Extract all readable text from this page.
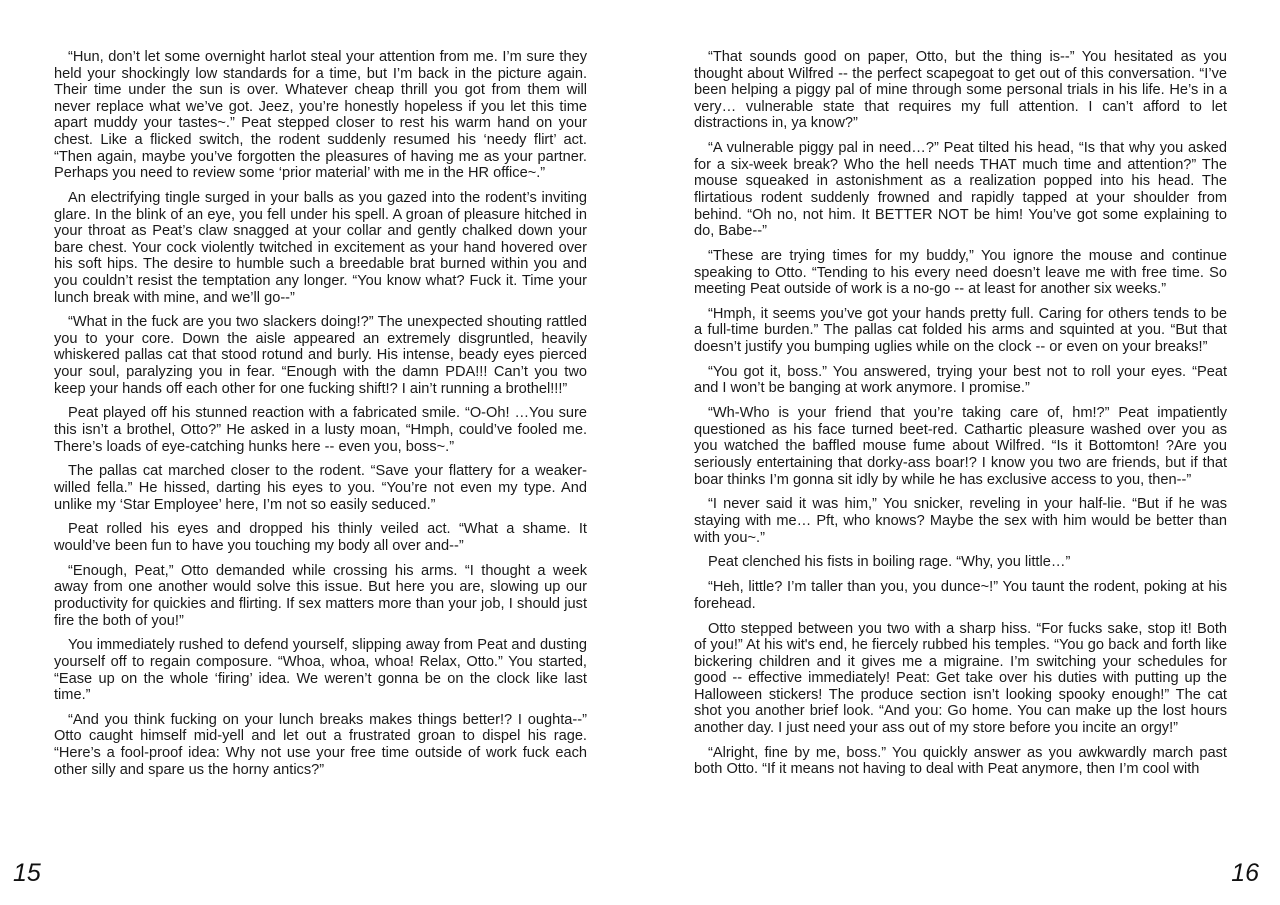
“Hun, don’t let some overnight harlot steal your attention from me. I’m sure they held your shockingly low standards for a time, but I’m back in the picture again. Their time under the sun is over. Whatever cheap thrill you got from them will never replace what we’ve got. Jeez, you’re honestly hopeless if you let this time apart muddy your tastes~.” Peat stepped closer to rest his warm hand on your chest. Like a flicked switch, the rodent suddenly resumed his ‘needy flirt’ act. “Then again, maybe you’ve forgotten the pleasures of having me as your partner. Perhaps you need to review some ‘prior material’ with me in the HR office~.”

An electrifying tingle surged in your balls as you gazed into the rodent’s inviting glare. In the blink of an eye, you fell under his spell. A groan of pleasure hitched in your throat as Peat’s claw snagged at your collar and gently chalked down your bare chest. Your cock violently twitched in excitement as your hand hovered over his soft hips. The desire to humble such a breedable brat burned within you and you couldn’t resist the temptation any longer. “You know what? Fuck it. Time your lunch break with mine, and we’ll go--”

“What in the fuck are you two slackers doing!?” The unexpected shouting rattled you to your core. Down the aisle appeared an extremely disgruntled, heavily whiskered pallas cat that stood rotund and burly. His intense, beady eyes pierced your soul, paralyzing you in fear. “Enough with the damn PDA!!! Can’t you two keep your hands off each other for one fucking shift!? I ain’t running a brothel!!!”

Peat played off his stunned reaction with a fabricated smile. “O-Oh! …You sure this isn’t a brothel, Otto?” He asked in a lusty moan, “Hmph, could’ve fooled me. There’s loads of eye-catching hunks here -- even you, boss~.”

The pallas cat marched closer to the rodent. “Save your flattery for a weaker-willed fella.” He hissed, darting his eyes to you. “You’re not even my type. And unlike my ‘Star Employee’ here, I’m not so easily seduced.”

Peat rolled his eyes and dropped his thinly veiled act. “What a shame. It would’ve been fun to have you touching my body all over and--”

“Enough, Peat,” Otto demanded while crossing his arms. “I thought a week away from one another would solve this issue. But here you are, slowing up our productivity for quickies and flirting. If sex matters more than your job, I should just fire the both of you!”

You immediately rushed to defend yourself, slipping away from Peat and dusting yourself off to regain composure. “Whoa, whoa, whoa! Relax, Otto.” You started, “Ease up on the whole ‘firing’ idea. We weren’t gonna be on the clock like last time.”

“And you think fucking on your lunch breaks makes things better!? I oughta--” Otto caught himself mid-yell and let out a frustrated groan to dispel his rage. “Here’s a fool-proof idea: Why not use your free time outside of work fuck each other silly and spare us the horny antics?”

15

“That sounds good on paper, Otto, but the thing is--” You hesitated as you thought about Wilfred -- the perfect scapegoat to get out of this conversation. “I’ve been helping a piggy pal of mine through some personal trials in his life. He’s in a very… vulnerable state that requires my full attention. I can’t afford to let distractions in, ya know?”

“A vulnerable piggy pal in need…?” Peat tilted his head, “Is that why you asked for a six-week break? Who the hell needs THAT much time and attention?” The mouse squeaked in astonishment as a realization popped into his head. The flirtatious rodent suddenly frowned and rapidly tapped at your shoulder from behind. “Oh no, not him. It BETTER NOT be him! You’ve got some explaining to do, Babe--”

“These are trying times for my buddy,” You ignore the mouse and continue speaking to Otto. “Tending to his every need doesn’t leave me with free time. So meeting Peat outside of work is a no-go -- at least for another six weeks.”

“Hmph, it seems you’ve got your hands pretty full. Caring for others tends to be a full-time burden.” The pallas cat folded his arms and squinted at you. “But that doesn’t justify you bumping uglies while on the clock -- or even on your breaks!”

“You got it, boss.” You answered, trying your best not to roll your eyes. “Peat and I won’t be banging at work anymore. I promise.”

“Wh-Who is your friend that you’re taking care of, hm!?” Peat impatiently questioned as his face turned beet-red. Cathartic pleasure washed over you as you watched the baffled mouse fume about Wilfred. “Is it Bottomton! ?Are you seriously entertaining that dorky-ass boar!? I know you two are friends, but if that boar thinks I’m gonna sit idly by while he has exclusive access to you, then--”

“I never said it was him,” You snicker, reveling in your half-lie. “But if he was staying with me… Pft, who knows? Maybe the sex with him would be better than with you~.”

Peat clenched his fists in boiling rage. “Why, you little…”

“Heh, little? I’m taller than you, you dunce~!” You taunt the rodent, poking at his forehead.

Otto stepped between you two with a sharp hiss. “For fucks sake, stop it! Both of you!” At his wit's end, he fiercely rubbed his temples. “You go back and forth like bickering children and it gives me a migraine. I’m switching your schedules for good -- effective immediately! Peat: Get take over his duties with putting up the Halloween stickers! The produce section isn’t looking spooky enough!” The cat shot you another brief look. “And you: Go home. You can make up the lost hours another day. I just need your ass out of my store before you incite an orgy!”

“Alright, fine by me, boss.” You quickly answer as you awkwardly march past both Otto. “If it means not having to deal with Peat anymore, then I’m cool with

16
